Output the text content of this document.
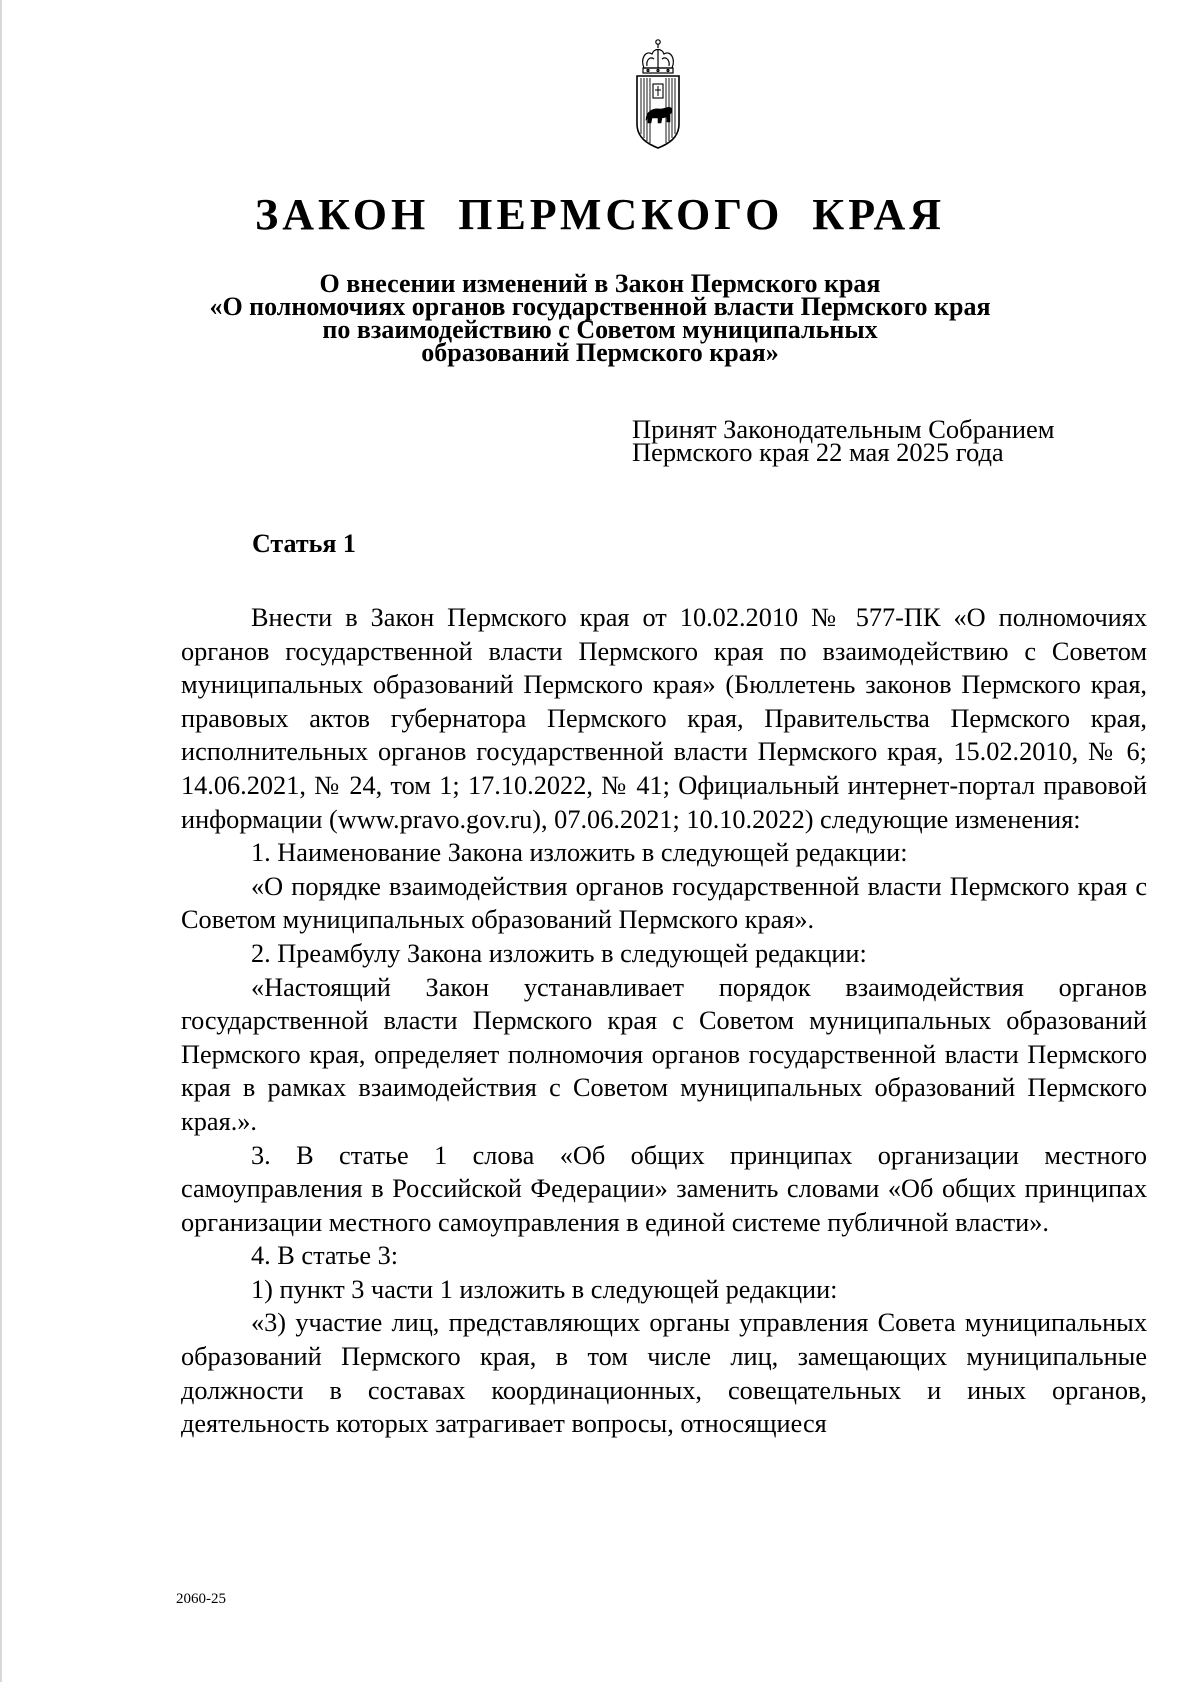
ЗАКОН ПЕРМСКОГО КРАЯ
О внесении изменений в Закон Пермского края
«О полномочиях органов государственной власти Пермского края
по взаимодействию с Советом муниципальных
образований Пермского края»
Принят Законодательным Собранием
Пермского края 22 мая 2025 года
Статья 1

Внести в Закон Пермского края от 10.02.2010 № 577-ПК «О полномочиях органов государственной власти Пермского края по взаимодействию с Советом муниципальных образований Пермского края» (Бюллетень законов Пермского края, правовых актов губернатора Пермского края, Правительства Пермского края, исполнительных органов государственной власти Пермского края, 15.02.2010, № 6; 14.06.2021, № 24, том 1; 17.10.2022, № 41; Официальный интернет-портал правовой информации (www.pravo.gov.ru), 07.06.2021; 10.10.2022) следующие изменения:

1. Наименование Закона изложить в следующей редакции:

«О порядке взаимодействия органов государственной власти Пермского края с Советом муниципальных образований Пермского края».

2. Преамбулу Закона изложить в следующей редакции:

«Настоящий Закон устанавливает порядок взаимодействия органов государственной власти Пермского края с Советом муниципальных образований Пермского края, определяет полномочия органов государственной власти Пермского края в рамках взаимодействия с Советом муниципальных образований Пермского края.».

3. В статье 1 слова «Об общих принципах организации местного самоуправления в Российской Федерации» заменить словами «Об общих принципах организации местного самоуправления в единой системе публичной власти».

4. В статье 3:

1) пункт 3 части 1 изложить в следующей редакции:

«3) участие лиц, представляющих органы управления Совета муниципальных образований Пермского края, в том числе лиц, замещающих муниципальные должности в составах координационных, совещательных и иных органов, деятельность которых затрагивает вопросы, относящиеся

2060-25
